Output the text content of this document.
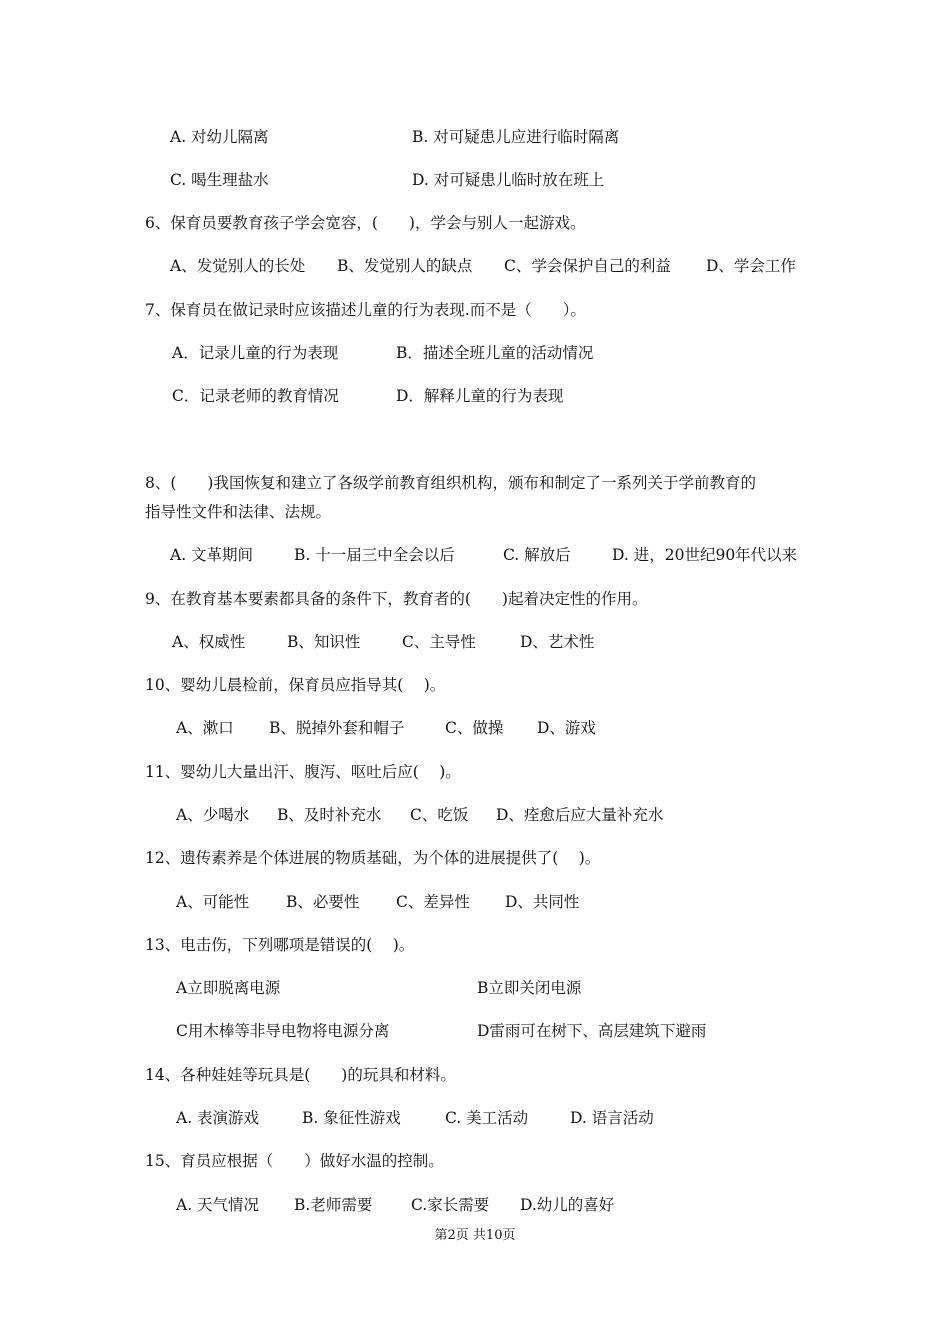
A. 对幼儿隔离	B. 对可疑患儿应进行临时隔离
C. 喝生理盐水	D. 对可疑患儿临时放在班上
6、保育员要教育孩子学会宽容，(　　)，学会与别人一起游戏。
A、发觉别人的长处 B、发觉别人的缺点 C、学会保护自己的利益 D、学会工作
7、保育员在做记录时应该描述儿童的行为表现.而不是（　　）。
A．记录儿童的行为表现	B．描述全班儿童的活动情况
C．记录老师的教育情况	D．解释儿童的行为表现
8、(　　)我国恢复和建立了各级学前教育组织机构，颁布和制定了一系列关于学前教育的
指导性文件和法律、法规。
A. 文革期间	B. 十一届三中全会以后	C. 解放后	D. 进，20世纪90年代以来
9、在教育基本要素都具备的条件下，教育者的(　　)起着决定性的作用。
A、权威性	B、知识性	C、主导性	D、艺术性
10、婴幼儿晨检前，保育员应指导其(　 )。
A、漱口 B、脱掉外套和帽子	C、做操 D、游戏
11、婴幼儿大量出汗、腹泻、呕吐后应(　 )。
A、少喝水 B、及时补充水 C、吃饭 D、痊愈后应大量补充水
12、遗传素养是个体进展的物质基础，为个体的进展提供了(　 )。
A、可能性 B、必要性 C、差异性 D、共同性
13、电击伤，下列哪项是错误的(　 )。
A立即脱离电源	B立即关闭电源
C用木棒等非导电物将电源分离	D雷雨可在树下、高层建筑下避雨
14、各种娃娃等玩具是(　　)的玩具和材料。
A. 表演游戏	B. 象征性游戏	C. 美工活动	D. 语言活动
15、育员应根据（　　）做好水温的控制。
A. 天气情况 B.老师需要 C.家长需要 D.幼儿的喜好
第2页 共10页
